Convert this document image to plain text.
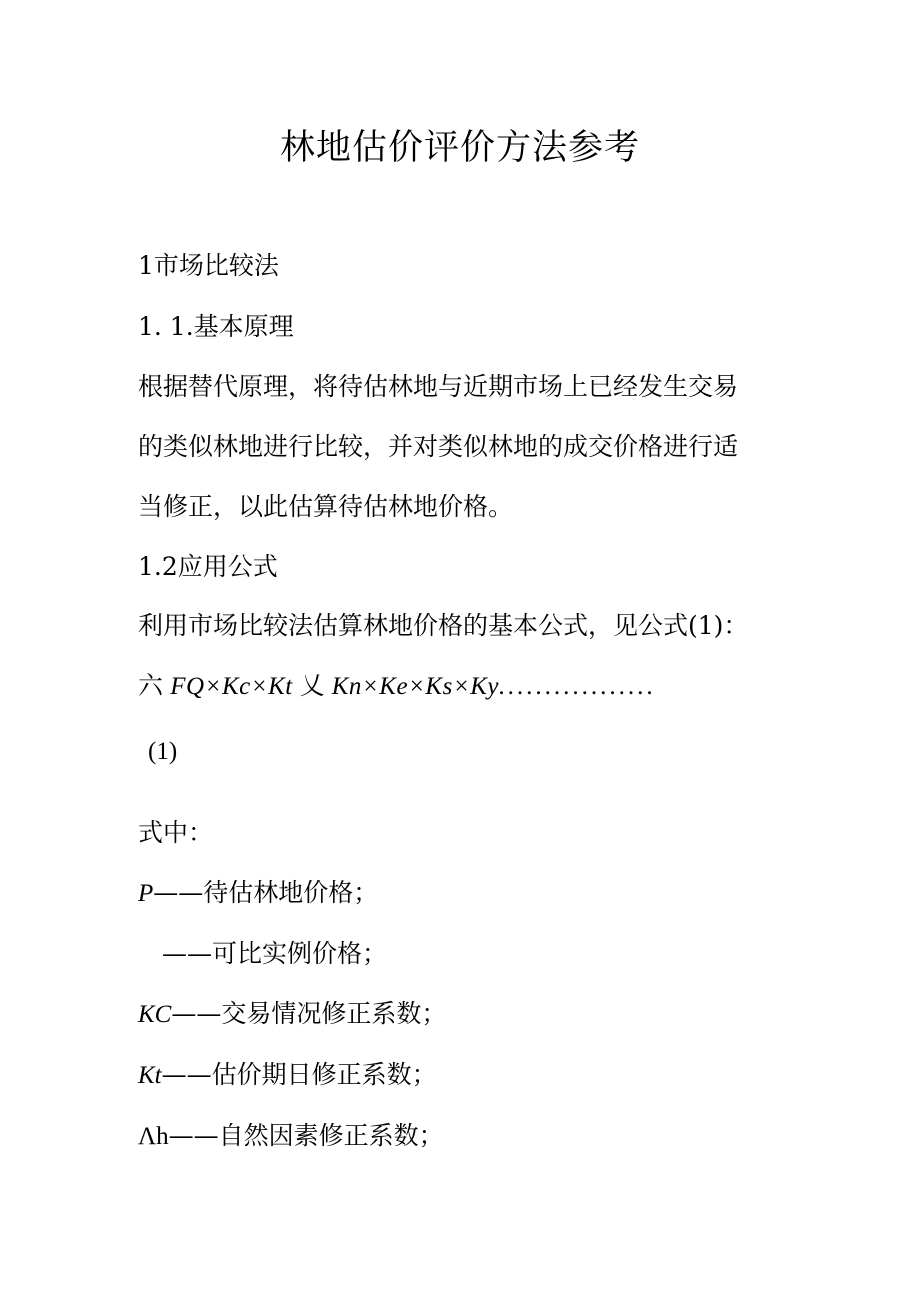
林地估价评价方法参考
1市场比较法
1. 1.基本原理
根据替代原理，将待估林地与近期市场上已经发生交易
的类似林地进行比较，并对类似林地的成交价格进行适
当修正，以此估算待估林地价格。
1.2应用公式
利用市场比较法估算林地价格的基本公式，见公式(1)：
六 FQ×Kc×Kt 乂 Kn×Ke×Ks×Ky.................
(1)
式中：
P——待估林地价格；
——可比实例价格；
KC——交易情况修正系数；
Kt——估价期日修正系数；
Λh——自然因素修正系数；
